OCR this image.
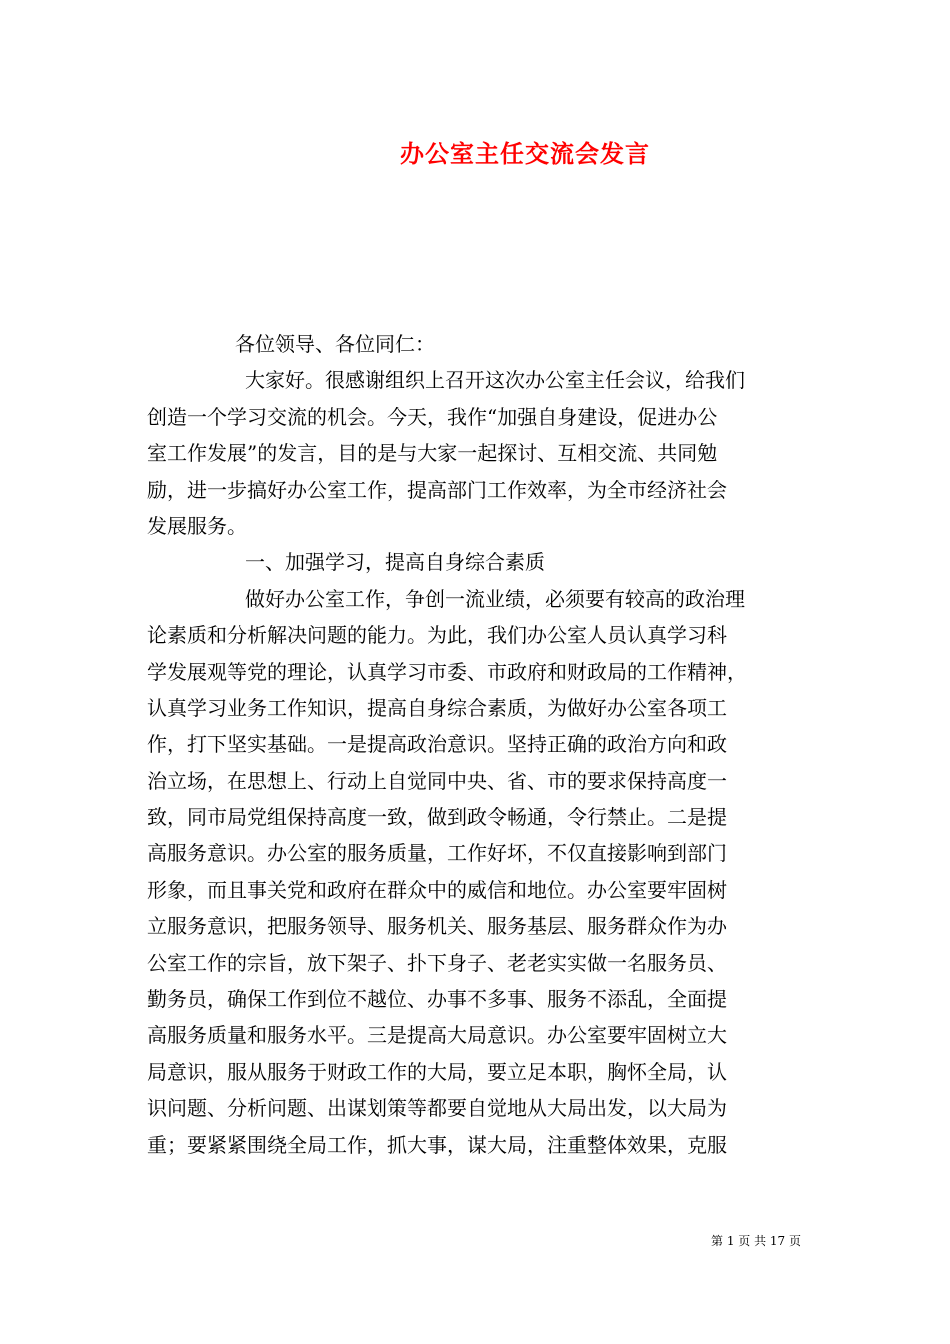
办公室主任交流会发言
各位领导、各位同仁：
大家好。很感谢组织上召开这次办公室主任会议，给我们
创造一个学习交流的机会。今天，我作“加强自身建设，促进办公
室工作发展”的发言，目的是与大家一起探讨、互相交流、共同勉
励，进一步搞好办公室工作，提高部门工作效率，为全市经济社会
发展服务。
一、加强学习，提高自身综合素质
做好办公室工作，争创一流业绩，必须要有较高的政治理
论素质和分析解决问题的能力。为此，我们办公室人员认真学习科
学发展观等党的理论，认真学习市委、市政府和财政局的工作精神，
认真学习业务工作知识，提高自身综合素质，为做好办公室各项工
作，打下坚实基础。一是提高政治意识。坚持正确的政治方向和政
治立场，在思想上、行动上自觉同中央、省、市的要求保持高度一
致，同市局党组保持高度一致，做到政令畅通，令行禁止。二是提
高服务意识。办公室的服务质量，工作好坏，不仅直接影响到部门
形象，而且事关党和政府在群众中的威信和地位。办公室要牢固树
立服务意识，把服务领导、服务机关、服务基层、服务群众作为办
公室工作的宗旨，放下架子、扑下身子、老老实实做一名服务员、
勤务员，确保工作到位不越位、办事不多事、服务不添乱，全面提
高服务质量和服务水平。三是提高大局意识。办公室要牢固树立大
局意识，服从服务于财政工作的大局，要立足本职，胸怀全局，认
识问题、分析问题、出谋划策等都要自觉地从大局出发，以大局为
重；要紧紧围绕全局工作，抓大事，谋大局，注重整体效果，克服
第 1 页 共 17 页
